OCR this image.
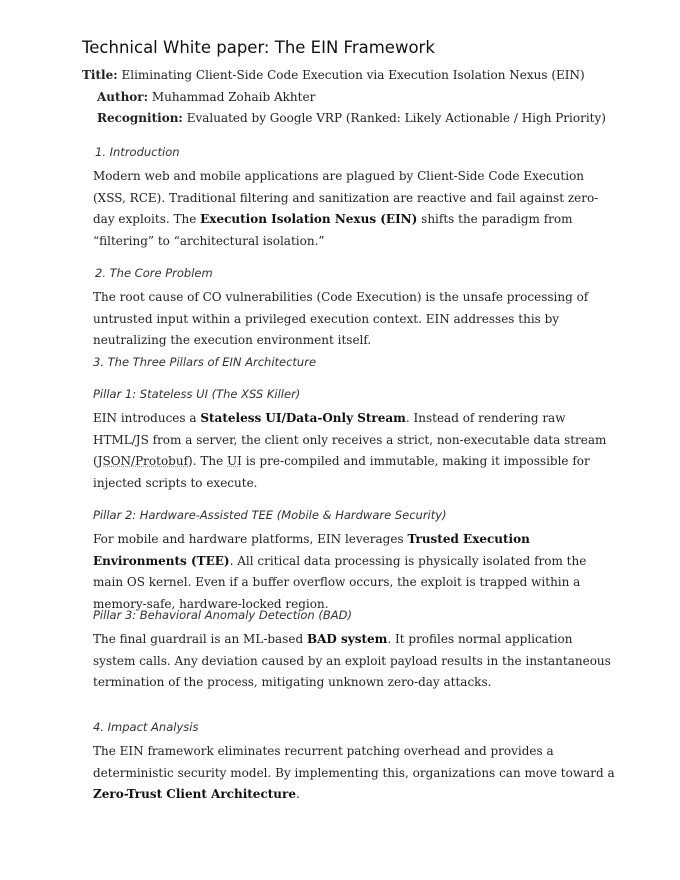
Technical White paper: The EIN Framework
Title: Eliminating Client-Side Code Execution via Execution Isolation Nexus (EIN)
Author: Muhammad Zohaib Akhter
Recognition: Evaluated by Google VRP (Ranked: Likely Actionable / High Priority)
1. Introduction

Modern web and mobile applications are plagued by Client-Side Code Execution (XSS, RCE). Traditional filtering and sanitization are reactive and fail against zero-day exploits. The Execution Isolation Nexus (EIN) shifts the paradigm from “filtering” to “architectural isolation.”

2. The Core Problem

The root cause of CO vulnerabilities (Code Execution) is the unsafe processing of untrusted input within a privileged execution context. EIN addresses this by neutralizing the execution environment itself.

3. The Three Pillars of EIN Architecture
Pillar 1: Stateless UI (The XSS Killer)

EIN introduces a Stateless UI/Data-Only Stream. Instead of rendering raw HTML/JS from a server, the client only receives a strict, non-executable data stream (JSON/Protobuf). The UI is pre-compiled and immutable, making it impossible for injected scripts to execute.

Pillar 2: Hardware-Assisted TEE (Mobile & Hardware Security)

For mobile and hardware platforms, EIN leverages Trusted Execution Environments (TEE). All critical data processing is physically isolated from the main OS kernel. Even if a buffer overflow occurs, the exploit is trapped within a memory-safe, hardware-locked region.

Pillar 3: Behavioral Anomaly Detection (BAD)

The final guardrail is an ML-based BAD system. It profiles normal application system calls. Any deviation caused by an exploit payload results in the instantaneous termination of the process, mitigating unknown zero-day attacks.

4. Impact Analysis

The EIN framework eliminates recurrent patching overhead and provides a deterministic security model. By implementing this, organizations can move toward a Zero-Trust Client Architecture.
